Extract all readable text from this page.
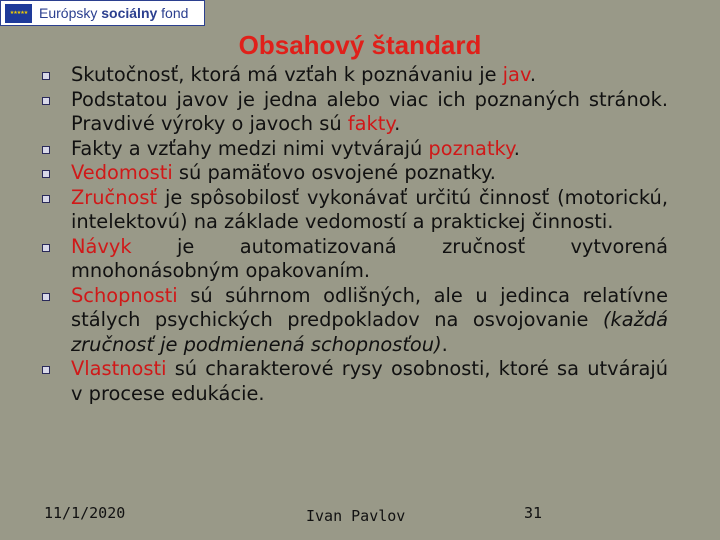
★★★★★ Európsky sociálny fond
Obsahový štandard
Skutočnosť, ktorá má vzťah k poznávaniu je jav.
Podstatou javov je jedna alebo viac ich poznaných stránok. Pravdivé výroky o javoch sú fakty.
Fakty a vzťahy medzi nimi vytvárajú poznatky.
Vedomosti sú pamäťovo osvojené poznatky.
Zručnosť je spôsobilosť vykonávať určitú činnosť (motorickú, intelektovú) na základe vedomostí a praktickej činnosti.
Návyk je automatizovaná zručnosť vytvorená mnohonásobným opakovaním.
Schopnosti sú súhrnom odlišných, ale u jedinca relatívne stálych psychických predpokladov na osvojovanie (každá zručnosť je podmienená schopnosťou).
Vlastnosti sú charakterové rysy osobnosti, ktoré sa utvárajú v procese edukácie.
11/1/2020	Ivan Pavlov	31
